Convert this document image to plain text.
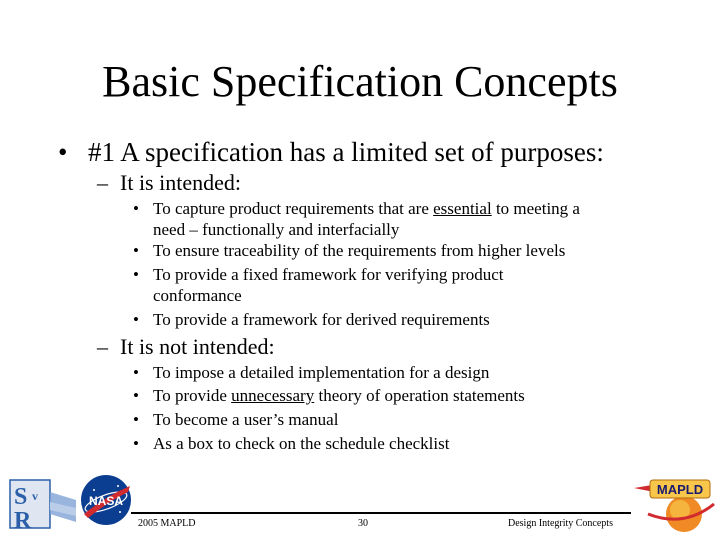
Basic Specification Concepts
• #1 A specification has a limited set of purposes:
– It is intended:
• To capture product requirements that are essential to meeting a
need – functionally and interfacially
• To ensure traceability of the requirements from higher levels
• To provide a fixed framework for verifying product
conformance
• To provide a framework for derived requirements
– It is not intended:
• To impose a detailed implementation for a design
• To provide unnecessary theory of operation statements
• To become a user’s manual
• As a box to check on the schedule checklist
S v
R
NASA
MAPLD
2005 MAPLD	30	Design Integrity Concepts
